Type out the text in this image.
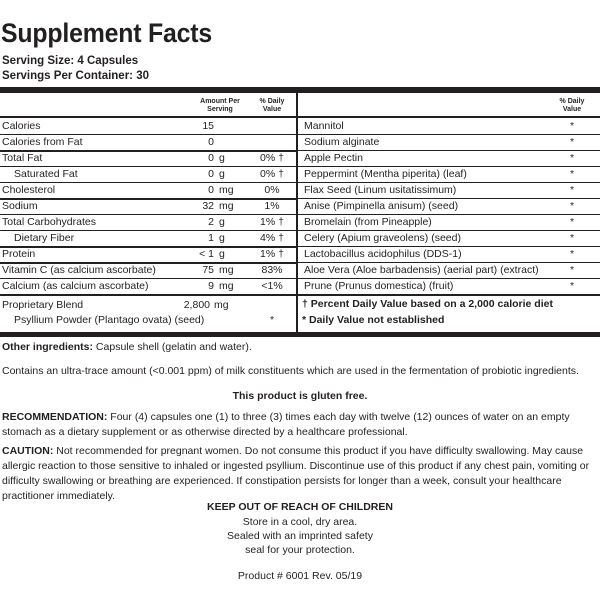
Supplement Facts
Serving Size: 4 Capsules
Servings Per Container: 30
Amount Per
Serving
% Daily
Value
Calories	15
Calories from Fat	0
Total Fat	0 g	0% †
Saturated Fat	0 g	0% †
Cholesterol	0 mg	0%
Sodium	32 mg	1%
Total Carbohydrates	2 g	1% †
Dietary Fiber	1 g	4% †
Protein	< 1 g	1% †
Vitamin C (as calcium ascorbate)	75 mg	83%
Calcium (as calcium ascorbate)	9 mg	<1%
Proprietary Blend	2,800 mg
Psyllium Powder (Plantago ovata) (seed)	*
% Daily
Value
Mannitol	*
Sodium alginate	*
Apple Pectin	*
Peppermint (Mentha piperita) (leaf)	*
Flax Seed (Linum usitatissimum)	*
Anise (Pimpinella anisum) (seed)	*
Bromelain (from Pineapple)	*
Celery (Apium graveolens) (seed)	*
Lactobacillus acidophilus (DDS-1)	*
Aloe Vera (Aloe barbadensis) (aerial part) (extract)	*
Prune (Prunus domestica) (fruit)	*
† Percent Daily Value based on a 2,000 calorie diet
* Daily Value not established
Other ingredients: Capsule shell (gelatin and water).
Contains an ultra-trace amount (<0.001 ppm) of milk constituents which are used in the fermentation of probiotic ingredients.
This product is gluten free.
RECOMMENDATION: Four (4) capsules one (1) to three (3) times each day with twelve (12) ounces of water on an empty stomach as a dietary supplement or as otherwise directed by a healthcare professional.
CAUTION: Not recommended for pregnant women. Do not consume this product if you have difficulty swallowing. May cause allergic reaction to those sensitive to inhaled or ingested psyllium. Discontinue use of this product if any chest pain, vomiting or difficulty swallowing or breathing are experienced. If constipation persists for longer than a week, consult your healthcare practitioner immediately.
KEEP OUT OF REACH OF CHILDREN
Store in a cool, dry area.
Sealed with an imprinted safety
seal for your protection.
Product # 6001 Rev. 05/19
